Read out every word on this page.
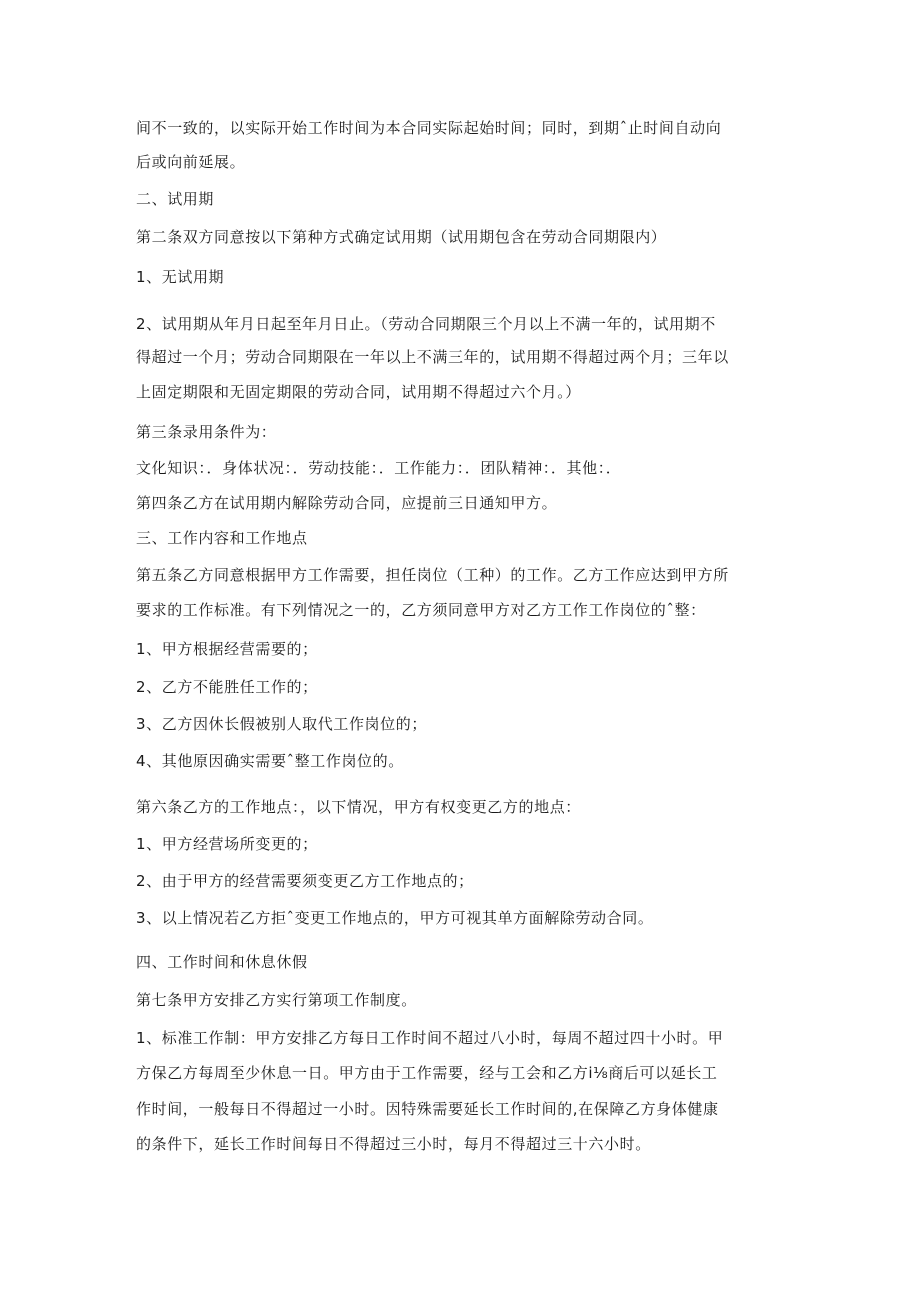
间不一致的，以实际开始工作时间为本合同实际起始时间；同时，到期ˆ止时间自动向

后或向前延展。

二、试用期

第二条双方同意按以下第种方式确定试用期（试用期包含在劳动合同期限内）

1、无试用期

2、试用期从年月日起至年月日止。（劳动合同期限三个月以上不满一年的，试用期不

得超过一个月；劳动合同期限在一年以上不满三年的，试用期不得超过两个月；三年以

上固定期限和无固定期限的劳动合同，试用期不得超过六个月。）

第三条录用条件为：

文化知识：．身体状况：．劳动技能：．工作能力：．团队精神：．其他：．

第四条乙方在试用期内解除劳动合同，应提前三日通知甲方。

三、工作内容和工作地点

第五条乙方同意根据甲方工作需要，担任岗位（工种）的工作。乙方工作应达到甲方所

要求的工作标准。有下列情况之一的，乙方须同意甲方对乙方工作工作岗位的ˆ整：

1、甲方根据经营需要的；

2、乙方不能胜任工作的；

3、乙方因休长假被别人取代工作岗位的；

4、其他原因确实需要ˆ整工作岗位的。

第六条乙方的工作地点：，以下情况，甲方有权变更乙方的地点：

1、甲方经营场所变更的；

2、由于甲方的经营需要须变更乙方工作地点的；

3、以上情况若乙方拒ˆ变更工作地点的，甲方可视其单方面解除劳动合同。

四、工作时间和休息休假

第七条甲方安排乙方实行第项工作制度。

1、标准工作制：甲方安排乙方每日工作时间不超过八小时，每周不超过四十小时。甲

方保乙方每周至少休息一日。甲方由于工作需要，经与工会和乙方i⅛商后可以延长工

作时间，一般每日不得超过一小时。因特殊需要延长工作时间的,在保障乙方身体健康

的条件下，延长工作时间每日不得超过三小时，每月不得超过三十六小时。
